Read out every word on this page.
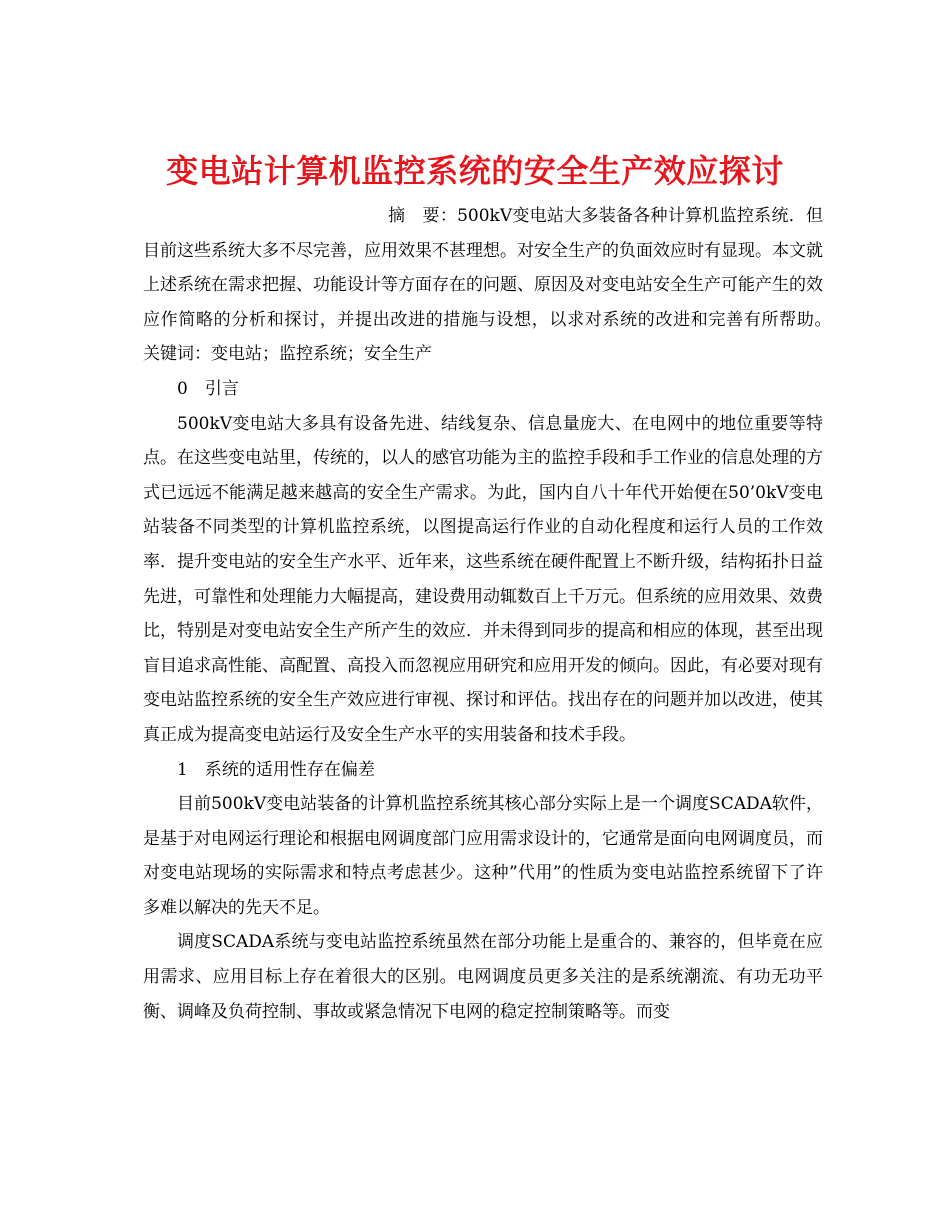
变电站计算机监控系统的安全生产效应探讨

摘　要：500kV变电站大多装备各种计算机监控系统．但目前这些系统大多不尽完善，应用效果不甚理想。对安全生产的负面效应时有显现。本文就上述系统在需求把握、功能设计等方面存在的问题、原因及对变电站安全生产可能产生的效应作简略的分析和探讨，并提出改进的措施与设想，以求对系统的改进和完善有所帮助。　关键词：变电站；监控系统；安全生产

0　引言

500kV变电站大多具有设备先进、结线复杂、信息量庞大、在电网中的地位重要等特点。在这些变电站里，传统的，以人的感官功能为主的监控手段和手工作业的信息处理的方式已远远不能满足越来越高的安全生产需求。为此，国内自八十年代开始便在50’0kV变电站装备不同类型的计算机监控系统，以图提高运行作业的自动化程度和运行人员的工作效率．提升变电站的安全生产水平、近年来，这些系统在硬件配置上不断升级，结构拓扑日益先进，可靠性和处理能力大幅提高，建设费用动辄数百上千万元。但系统的应用效果、效费比，特别是对变电站安全生产所产生的效应．并未得到同步的提高和相应的体现，甚至出现盲目追求高性能、高配置、高投入而忽视应用研究和应用开发的倾向。因此，有必要对现有变电站监控系统的安全生产效应进行审视、探讨和评估。找出存在的问题并加以改进，使其真正成为提高变电站运行及安全生产水平的实用装备和技术手段。

1　系统的适用性存在偏差

目前500kV变电站装备的计算机监控系统其核心部分实际上是一个调度SCADA软件，是基于对电网运行理论和根据电网调度部门应用需求设计的，它通常是面向电网调度员，而对变电站现场的实际需求和特点考虑甚少。这种”代用”的性质为变电站监控系统留下了许多难以解决的先天不足。

调度SCADA系统与变电站监控系统虽然在部分功能上是重合的、兼容的，但毕竟在应用需求、应用目标上存在着很大的区别。电网调度员更多关注的是系统潮流、有功无功平衡、调峰及负荷控制、事故或紧急情况下电网的稳定控制策略等。而变
